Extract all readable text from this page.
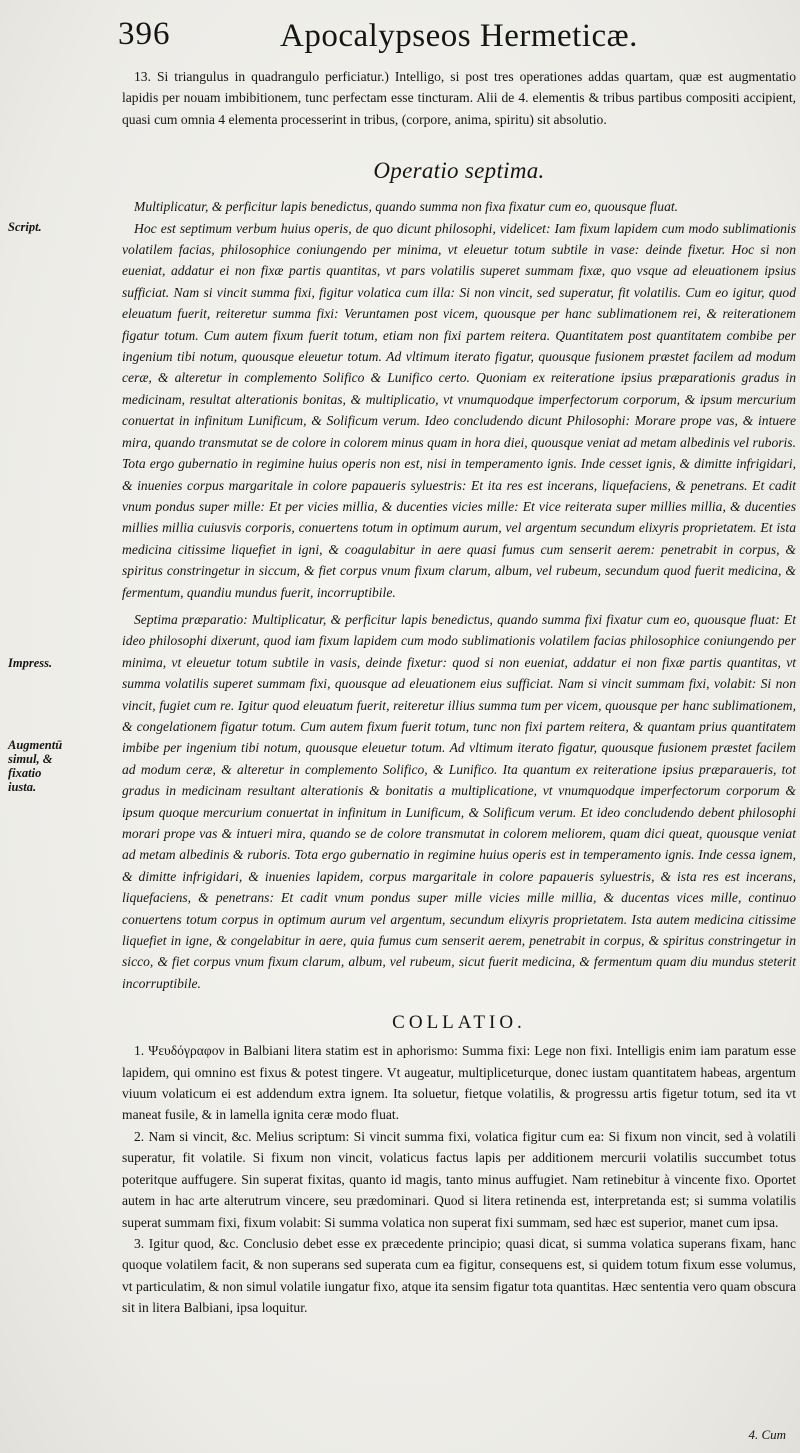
396	Apocalypseos Hermeticæ.
Script.
Impress.
Augmentū simul, & fixatio iusta.

13. Si triangulus in quadrangulo perficiatur.) Intelligo, si post tres operationes addas quartam, quæ est augmentatio lapidis per nouam imbibitionem, tunc perfectam esse tincturam. Alii de 4. elementis & tribus partibus compositi accipient, quasi cum omnia 4 elementa processerint in tribus, (corpore, anima, spiritu) sit absolutio.

Operatio septima.

Multiplicatur, & perficitur lapis benedictus, quando summa non fixa fixatur cum eo, quousque fluat.

Hoc est septimum verbum huius operis, de quo dicunt philosophi, videlicet: Iam fixum lapidem cum modo sublimationis volatilem facias, philosophice coniungendo per minima, vt eleuetur totum subtile in vase: deinde fixetur. Hoc si non eueniat, addatur ei non fixæ partis quantitas, vt pars volatilis superet summam fixæ, quo vsque ad eleuationem ipsius sufficiat. Nam si vincit summa fixi, figitur volatica cum illa: Si non vincit, sed superatur, fit volatilis. Cum eo igitur, quod eleuatum fuerit, reiteretur summa fixi: Veruntamen post vicem, quousque per hanc sublimationem rei, & reiterationem figatur totum. Cum autem fixum fuerit totum, etiam non fixi partem reitera. Quantitatem post quantitatem combibe per ingenium tibi notum, quousque eleuetur totum. Ad vltimum iterato figatur, quousque fusionem præstet facilem ad modum ceræ, & alteretur in complemento Solifico & Lunifico certo. Quoniam ex reiteratione ipsius præparationis gradus in medicinam, resultat alterationis bonitas, & multiplicatio, vt vnumquodque imperfectorum corporum, & ipsum mercurium conuertat in infinitum Lunificum, & Solificum verum. Ideo concludendo dicunt Philosophi: Morare prope vas, & intuere mira, quando transmutat se de colore in colorem minus quam in hora diei, quousque veniat ad metam albedinis vel ruboris. Tota ergo gubernatio in regimine huius operis non est, nisi in temperamento ignis. Inde cesset ignis, & dimitte infrigidari, & inuenies corpus margaritale in colore papaueris syluestris: Et ita res est incerans, liquefaciens, & penetrans. Et cadit vnum pondus super mille: Et per vicies millia, & ducenties vicies mille: Et vice reiterata super millies millia, & ducenties millies millia cuiusvis corporis, conuertens totum in optimum aurum, vel argentum secundum elixyris proprietatem. Et ista medicina citissime liquefiet in igni, & coagulabitur in aere quasi fumus cum senserit aerem: penetrabit in corpus, & spiritus constringetur in siccum, & fiet corpus vnum fixum clarum, album, vel rubeum, secundum quod fuerit medicina, & fermentum, quandiu mundus fuerit, incorruptibile.

Septima præparatio: Multiplicatur, & perficitur lapis benedictus, quando summa fixi fixatur cum eo, quousque fluat: Et ideo philosophi dixerunt, quod iam fixum lapidem cum modo sublimationis volatilem facias philosophice coniungendo per minima, vt eleuetur totum subtile in vasis, deinde fixetur: quod si non eueniat, addatur ei non fixæ partis quantitas, vt summa volatilis superet summam fixi, quousque ad eleuationem eius sufficiat. Nam si vincit summam fixi, volabit: Si non vincit, fugiet cum re. Igitur quod eleuatum fuerit, reiteretur illius summa tum per vicem, quousque per hanc sublimationem, & congelationem figatur totum. Cum autem fixum fuerit totum, tunc non fixi partem reitera, & quantam prius quantitatem imbibe per ingenium tibi notum, quousque eleuetur totum. Ad vltimum iterato figatur, quousque fusionem præstet facilem ad modum ceræ, & alteretur in complemento Solifico, & Lunifico. Ita quantum ex reiteratione ipsius præparaueris, tot gradus in medicinam resultant alterationis & bonitatis a multiplicatione, vt vnumquodque imperfectorum corporum & ipsum quoque mercurium conuertat in infinitum in Lunificum, & Solificum verum. Et ideo concludendo debent philosophi morari prope vas & intueri mira, quando se de colore transmutat in colorem meliorem, quam dici queat, quousque veniat ad metam albedinis & ruboris. Tota ergo gubernatio in regimine huius operis est in temperamento ignis. Inde cessa ignem, & dimitte infrigidari, & inuenies lapidem, corpus margaritale in colore papaueris syluestris, & ista res est incerans, liquefaciens, & penetrans: Et cadit vnum pondus super mille vicies mille millia, & ducentas vices mille, continuo conuertens totum corpus in optimum aurum vel argentum, secundum elixyris proprietatem. Ista autem medicina citissime liquefiet in igne, & congelabitur in aere, quia fumus cum senserit aerem, penetrabit in corpus, & spiritus constringetur in sicco, & fiet corpus vnum fixum clarum, album, vel rubeum, sicut fuerit medicina, & fermentum quam diu mundus steterit incorruptibile.

COLLATIO.

1. Ψευδόγραφον in Balbiani litera statim est in aphorismo: Summa fixi: Lege non fixi. Intelligis enim iam paratum esse lapidem, qui omnino est fixus & potest tingere. Vt augeatur, multipliceturque, donec iustam quantitatem habeas, argentum viuum volaticum ei est addendum extra ignem. Ita soluetur, fietque volatilis, & progressu artis figetur totum, sed ita vt maneat fusile, & in lamella ignita ceræ modo fluat.

2. Nam si vincit, &c. Melius scriptum: Si vincit summa fixi, volatica figitur cum ea: Si fixum non vincit, sed à volatili superatur, fit volatile. Si fixum non vincit, volaticus factus lapis per additionem mercurii volatilis succumbet totus poteritque auffugere. Sin superat fixitas, quanto id magis, tanto minus auffugiet. Nam retinebitur à vincente fixo. Oportet autem in hac arte alterutrum vincere, seu prædominari. Quod si litera retinenda est, interpretanda est; si summa volatilis superat summam fixi, fixum volabit: Si summa volatica non superat fixi summam, sed hæc est superior, manet cum ipsa.

3. Igitur quod, &c. Conclusio debet esse ex præcedente principio; quasi dicat, si summa volatica superans fixam, hanc quoque volatilem facit, & non superans sed superata cum ea figitur, consequens est, si quidem totum fixum esse volumus, vt particulatim, & non simul volatile iungatur fixo, atque ita sensim figatur tota quantitas. Hæc sententia vero quam obscura sit in litera Balbiani, ipsa loquitur.

4. Cum
